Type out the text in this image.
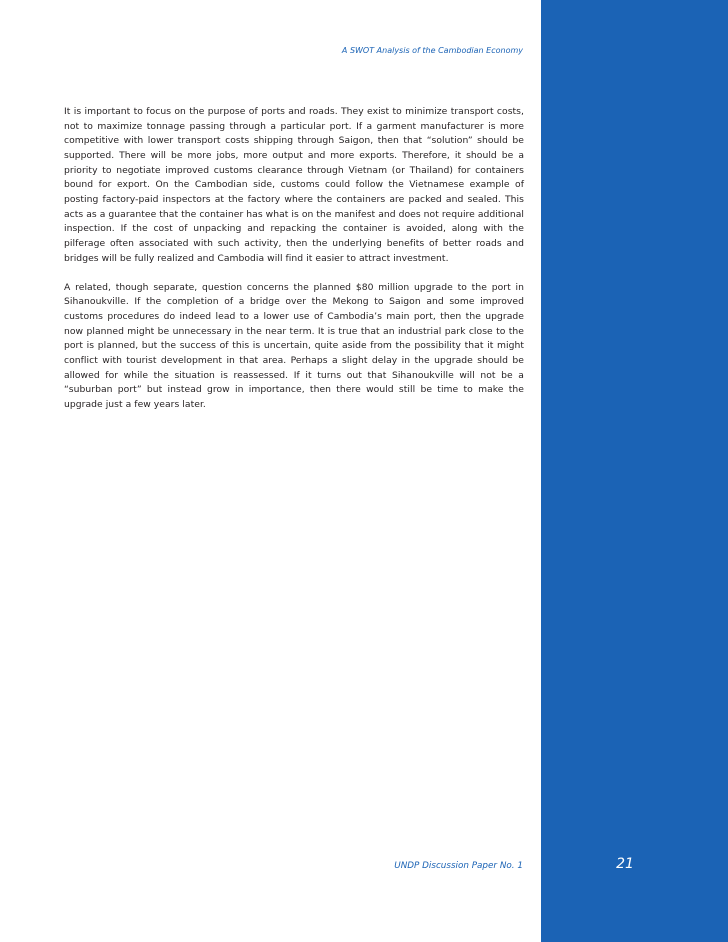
A SWOT Analysis of the Cambodian Economy

It is important to focus on the purpose of ports and roads. They exist to minimize transport costs, not to maximize tonnage passing through a particular port. If a garment manufacturer is more competitive with lower transport costs shipping through Saigon, then that “solution” should be supported. There will be more jobs, more output and more exports. Therefore, it should be a priority to negotiate improved customs clearance through Vietnam (or Thailand) for containers bound for export. On the Cambodian side, customs could follow the Vietnamese example of posting factory-paid inspectors at the factory where the containers are packed and sealed. This acts as a guarantee that the container has what is on the manifest and does not require additional inspection. If the cost of unpacking and repacking the container is avoided, along with the pilferage often associated with such activity, then the underlying benefits of better roads and bridges will be fully realized and Cambodia will find it easier to attract investment.

A related, though separate, question concerns the planned $80 million upgrade to the port in Sihanoukville. If the completion of a bridge over the Mekong to Saigon and some improved customs procedures do indeed lead to a lower use of Cambodia’s main port, then the upgrade now planned might be unnecessary in the near term. It is true that an industrial park close to the port is planned, but the success of this is uncertain, quite aside from the possibility that it might conflict with tourist development in that area. Perhaps a slight delay in the upgrade should be allowed for while the situation is reassessed. If it turns out that Sihanoukville will not be a “suburban port” but instead grow in importance, then there would still be time to make the upgrade just a few years later.

UNDP Discussion Paper No. 1	21
